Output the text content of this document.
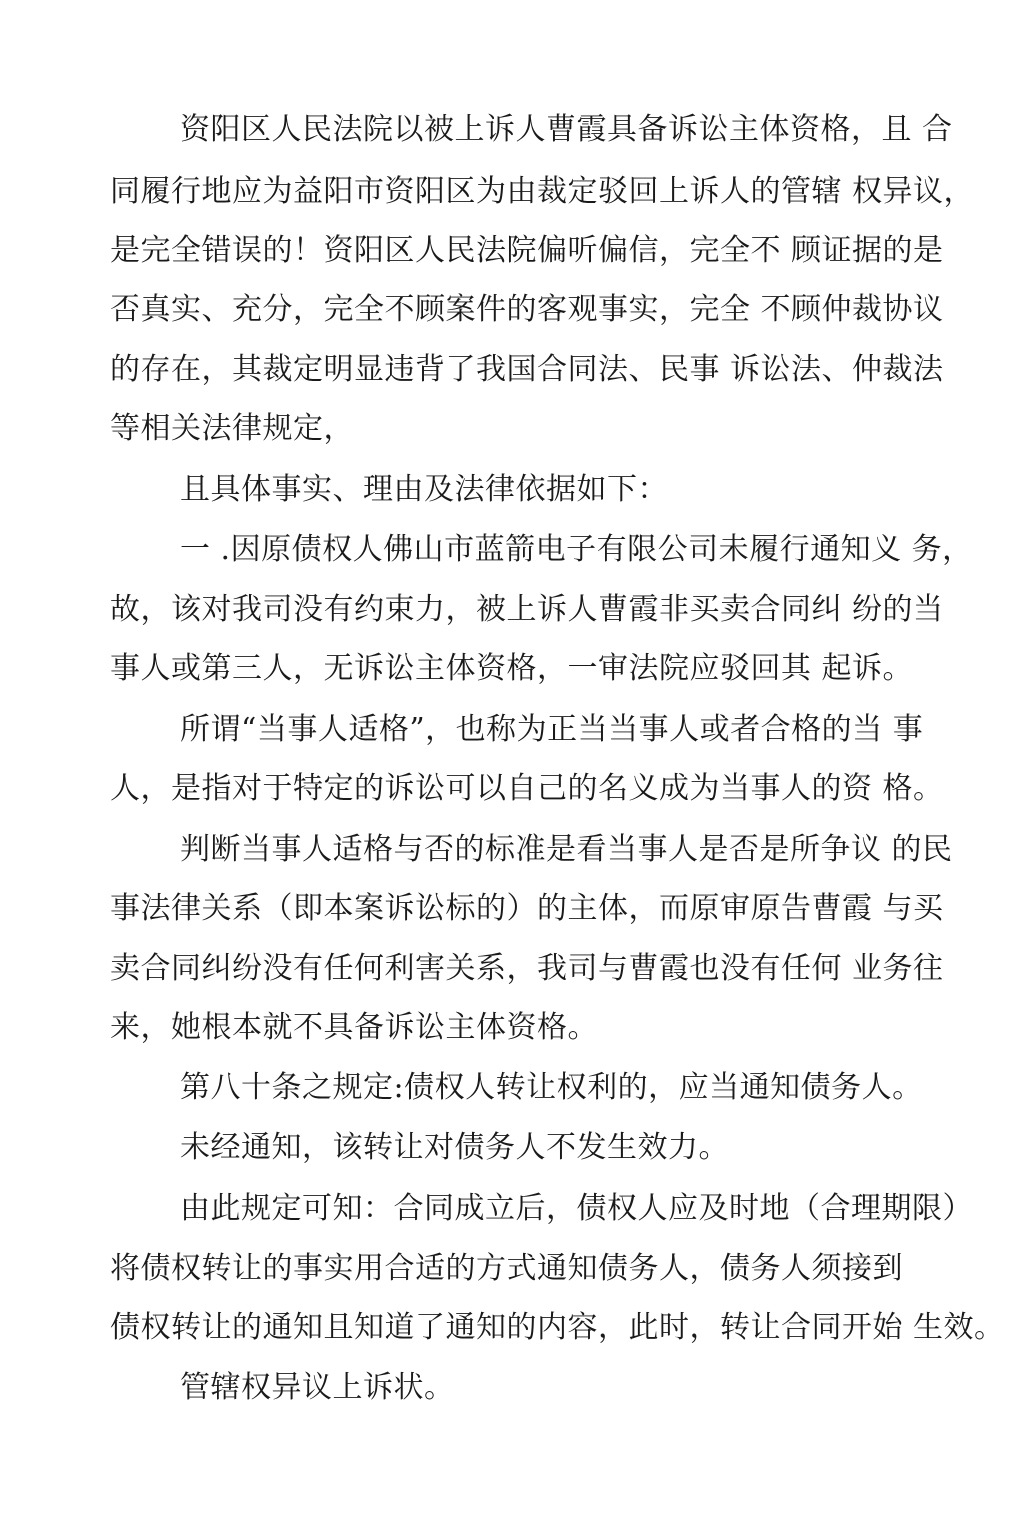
资阳区人民法院以被上诉人曹霞具备诉讼主体资格，且 合
同履行地应为益阳市资阳区为由裁定驳回上诉人的管辖 权异议，
是完全错误的！资阳区人民法院偏听偏信，完全不 顾证据的是
否真实、充分，完全不顾案件的客观事实，完全 不顾仲裁协议
的存在，其裁定明显违背了我国合同法、民事 诉讼法、仲裁法
等相关法律规定，
且具体事实、理由及法律依据如下：
一 .因原债权人佛山市蓝箭电子有限公司未履行通知义 务，
故，该对我司没有约束力，被上诉人曹霞非买卖合同纠 纷的当
事人或第三人，无诉讼主体资格，一审法院应驳回其 起诉。
所谓“当事人适格”，也称为正当当事人或者合格的当 事
人，是指对于特定的诉讼可以自己的名义成为当事人的资 格。
判断当事人适格与否的标准是看当事人是否是所争议 的民
事法律关系（即本案诉讼标的）的主体，而原审原告曹霞 与买
卖合同纠纷没有任何利害关系，我司与曹霞也没有任何 业务往
来，她根本就不具备诉讼主体资格。
第八十条之规定:债权人转让权利的，应当通知债务人。
未经通知，该转让对债务人不发生效力。
由此规定可知：合同成立后，债权人应及时地（合理期限）
将债权转让的事实用合适的方式通知债务人，债务人须接到
债权转让的通知且知道了通知的内容，此时，转让合同开始 生效。
管辖权异议上诉状。
